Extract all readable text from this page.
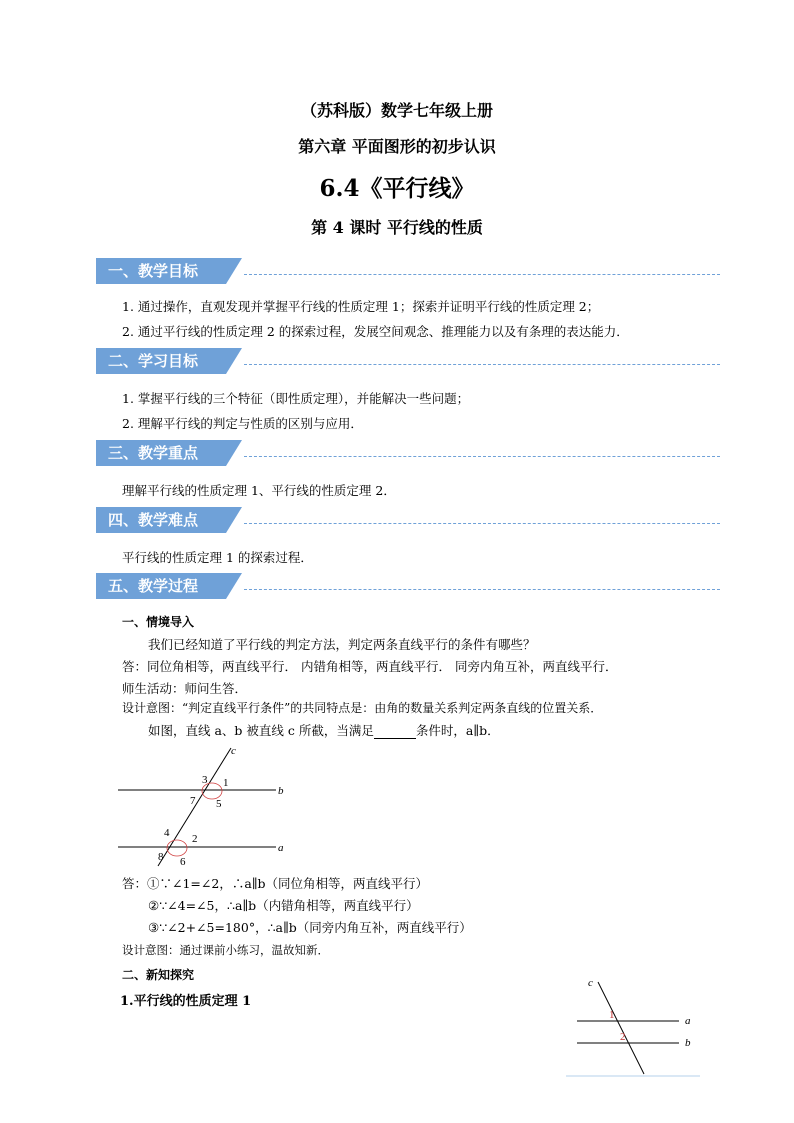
（苏科版）数学七年级上册
第六章 平面图形的初步认识
6.4《平行线》
第 4 课时 平行线的性质
一、教学目标
1. 通过操作，直观发现并掌握平行线的性质定理 1；探索并证明平行线的性质定理 2；
2. 通过平行线的性质定理 2 的探索过程，发展空间观念、推理能力以及有条理的表达能力．
二、学习目标
1. 掌握平行线的三个特征（即性质定理），并能解决一些问题；
2. 理解平行线的判定与性质的区别与应用．
三、教学重点
理解平行线的性质定理 1、平行线的性质定理 2．
四、教学难点
平行线的性质定理 1 的探索过程．
五、教学过程
一、情境导入
我们已经知道了平行线的判定方法，判定两条直线平行的条件有哪些？
答：同位角相等，两直线平行． 内错角相等，两直线平行． 同旁内角互补，两直线平行．
师生活动：师问生答．
设计意图：“判定直线平行条件”的共同特点是：由角的数量关系判定两条直线的位置关系．
如图，直线 a、b 被直线 c 所截，当满足	条件时，a∥b．
c
b
a
1
2
3
4
5
6
7
8
答：①∵∠1=∠2，∴a∥b（同位角相等，两直线平行）
②∵∠4=∠5，∴a∥b（内错角相等，两直线平行）
③∵∠2+∠5=180°，∴a∥b（同旁内角互补，两直线平行）
设计意图：通过课前小练习，温故知新．
二、新知探究
1.平行线的性质定理 1
c
a
b
1
2
